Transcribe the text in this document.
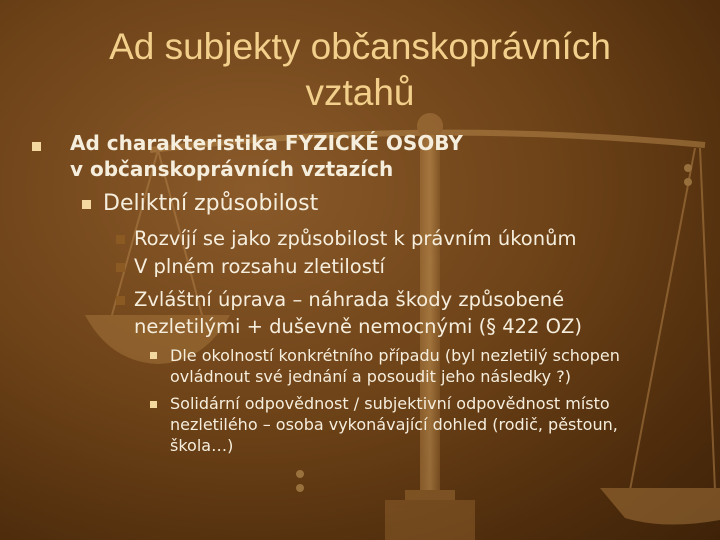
Ad subjekty občanskoprávních vztahů
Ad charakteristika FYZICKÉ OSOBY
v občanskoprávních vztazích
Deliktní způsobilost
Rozvíjí se jako způsobilost k právním úkonům
V plném rozsahu zletilostí
Zvláštní úprava – náhrada škody způsobené
nezletilými + duševně nemocnými (§ 422 OZ)
Dle okolností konkrétního případu (byl nezletilý schopen
ovládnout své jednání a posoudit jeho následky ?)
Solidární odpovědnost / subjektivní odpovědnost místo
nezletilého – osoba vykonávající dohled (rodič, pěstoun,
škola…)
